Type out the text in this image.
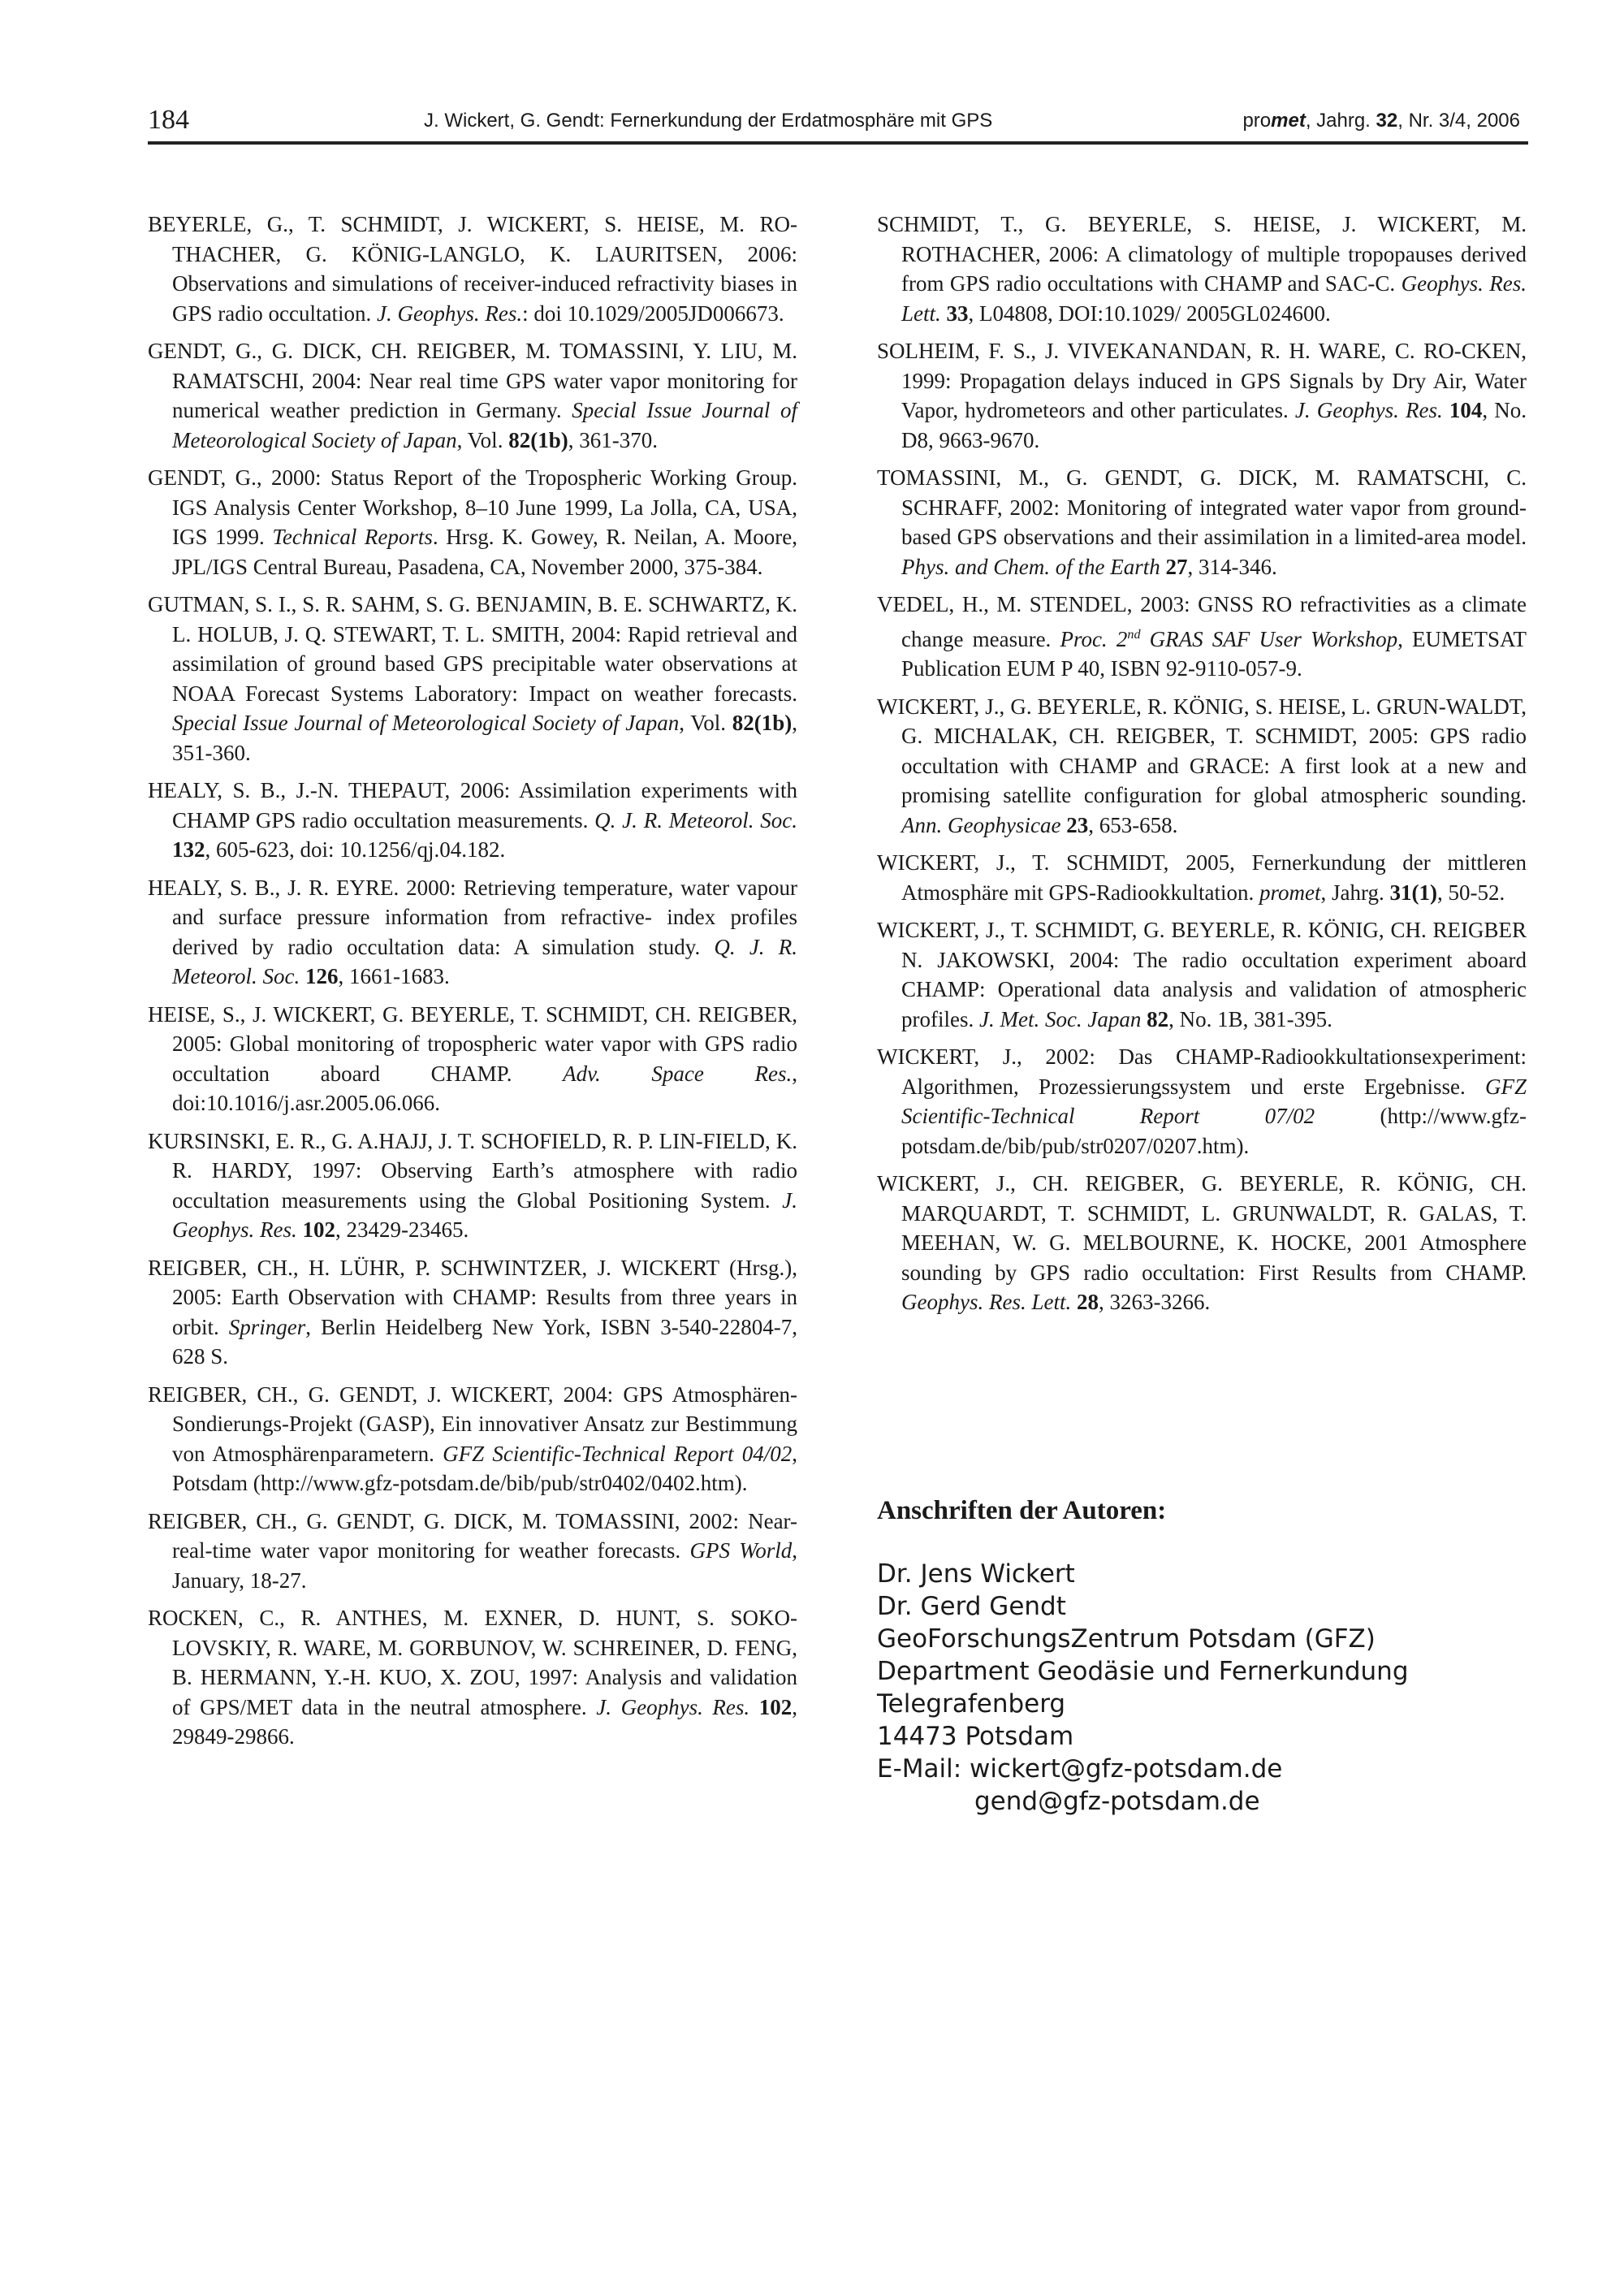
184	J. Wickert, G. Gendt: Fernerkundung der Erdatmosphäre mit GPS	promet, Jahrg. 32, Nr. 3/4, 2006

BEYERLE, G., T. SCHMIDT, J. WICKERT, S. HEISE, M. RO-THACHER, G. KÖNIG-LANGLO, K. LAURITSEN, 2006: Observations and simulations of receiver-induced refractivity biases in GPS radio occultation. J. Geophys. Res.: doi 10.1029/2005JD006673.

GENDT, G., G. DICK, CH. REIGBER, M. TOMASSINI, Y. LIU, M. RAMATSCHI, 2004: Near real time GPS water vapor monitoring for numerical weather prediction in Germany. Special Issue Journal of Meteorological Society of Japan, Vol. 82(1b), 361-370.

GENDT, G., 2000: Status Report of the Tropospheric Working Group. IGS Analysis Center Workshop, 8–10 June 1999, La Jolla, CA, USA, IGS 1999. Technical Reports. Hrsg. K. Gowey, R. Neilan, A. Moore, JPL/IGS Central Bureau, Pasadena, CA, November 2000, 375-384.

GUTMAN, S. I., S. R. SAHM, S. G. BENJAMIN, B. E. SCHWARTZ, K. L. HOLUB, J. Q. STEWART, T. L. SMITH, 2004: Rapid retrieval and assimilation of ground based GPS precipitable water observations at NOAA Forecast Systems Laboratory: Impact on weather forecasts. Special Issue Journal of Meteorological Society of Japan, Vol. 82(1b), 351-360.

HEALY, S. B., J.-N. THEPAUT, 2006: Assimilation experiments with CHAMP GPS radio occultation measurements. Q. J. R. Meteorol. Soc. 132, 605-623, doi: 10.1256/qj.04.182.

HEALY, S. B., J. R. EYRE. 2000: Retrieving temperature, water vapour and surface pressure information from refractive- index profiles derived by radio occultation data: A simulation study. Q. J. R. Meteorol. Soc. 126, 1661-1683.

HEISE, S., J. WICKERT, G. BEYERLE, T. SCHMIDT, CH. REIGBER, 2005: Global monitoring of tropospheric water vapor with GPS radio occultation aboard CHAMP. Adv. Space Res., doi:10.1016/j.asr.2005.06.066.

KURSINSKI, E. R., G. A.HAJJ, J. T. SCHOFIELD, R. P. LIN-FIELD, K. R. HARDY, 1997: Observing Earth’s atmosphere with radio occultation measurements using the Global Positioning System. J. Geophys. Res. 102, 23429-23465.

REIGBER, CH., H. LÜHR, P. SCHWINTZER, J. WICKERT (Hrsg.), 2005: Earth Observation with CHAMP: Results from three years in orbit. Springer, Berlin Heidelberg New York, ISBN 3-540-22804-7, 628 S.

REIGBER, CH., G. GENDT, J. WICKERT, 2004: GPS Atmosphären-Sondierungs-Projekt (GASP), Ein innovativer Ansatz zur Bestimmung von Atmosphärenparametern. GFZ Scientific-Technical Report 04/02, Potsdam (http://www.gfz-potsdam.de/bib/pub/str0402/0402.htm).

REIGBER, CH., G. GENDT, G. DICK, M. TOMASSINI, 2002: Near-real-time water vapor monitoring for weather forecasts. GPS World, January, 18-27.

ROCKEN, C., R. ANTHES, M. EXNER, D. HUNT, S. SOKO-LOVSKIY, R. WARE, M. GORBUNOV, W. SCHREINER, D. FENG, B. HERMANN, Y.-H. KUO, X. ZOU, 1997: Analysis and validation of GPS/MET data in the neutral atmosphere. J. Geophys. Res. 102, 29849-29866.

SCHMIDT, T., G. BEYERLE, S. HEISE, J. WICKERT, M. ROTHACHER, 2006: A climatology of multiple tropopauses derived from GPS radio occultations with CHAMP and SAC-C. Geophys. Res. Lett. 33, L04808, DOI:10.1029/ 2005GL024600.

SOLHEIM, F. S., J. VIVEKANANDAN, R. H. WARE, C. RO-CKEN, 1999: Propagation delays induced in GPS Signals by Dry Air, Water Vapor, hydrometeors and other particulates. J. Geophys. Res. 104, No. D8, 9663-9670.

TOMASSINI, M., G. GENDT, G. DICK, M. RAMATSCHI, C. SCHRAFF, 2002: Monitoring of integrated water vapor from ground-based GPS observations and their assimilation in a limited-area model. Phys. and Chem. of the Earth 27, 314-346.

VEDEL, H., M. STENDEL, 2003: GNSS RO refractivities as a climate change measure. Proc. 2nd GRAS SAF User Workshop, EUMETSAT Publication EUM P 40, ISBN 92-9110-057-9.

WICKERT, J., G. BEYERLE, R. KÖNIG, S. HEISE, L. GRUN-WALDT, G. MICHALAK, CH. REIGBER, T. SCHMIDT, 2005: GPS radio occultation with CHAMP and GRACE: A first look at a new and promising satellite configuration for global atmospheric sounding. Ann. Geophysicae 23, 653-658.

WICKERT, J., T. SCHMIDT, 2005, Fernerkundung der mittleren Atmosphäre mit GPS-Radiookkultation. promet, Jahrg. 31(1), 50-52.

WICKERT, J., T. SCHMIDT, G. BEYERLE, R. KÖNIG, CH. REIGBER N. JAKOWSKI, 2004: The radio occultation experiment aboard CHAMP: Operational data analysis and validation of atmospheric profiles. J. Met. Soc. Japan 82, No. 1B, 381-395.

WICKERT, J., 2002: Das CHAMP-Radiookkultationsexperiment: Algorithmen, Prozessierungssystem und erste Ergebnisse. GFZ Scientific-Technical Report 07/02 (http://www.gfz-potsdam.de/bib/pub/str0207/0207.htm).

WICKERT, J., CH. REIGBER, G. BEYERLE, R. KÖNIG, CH. MARQUARDT, T. SCHMIDT, L. GRUNWALDT, R. GALAS, T. MEEHAN, W. G. MELBOURNE, K. HOCKE, 2001 Atmosphere sounding by GPS radio occultation: First Results from CHAMP. Geophys. Res. Lett. 28, 3263-3266.

Anschriften der Autoren:
Dr. Jens Wickert
Dr. Gerd Gendt
GeoForschungsZentrum Potsdam (GFZ)
Department Geodäsie und Fernerkundung
Telegrafenberg
14473 Potsdam
E-Mail: wickert@gfz-potsdam.de
gend@gfz-potsdam.de
